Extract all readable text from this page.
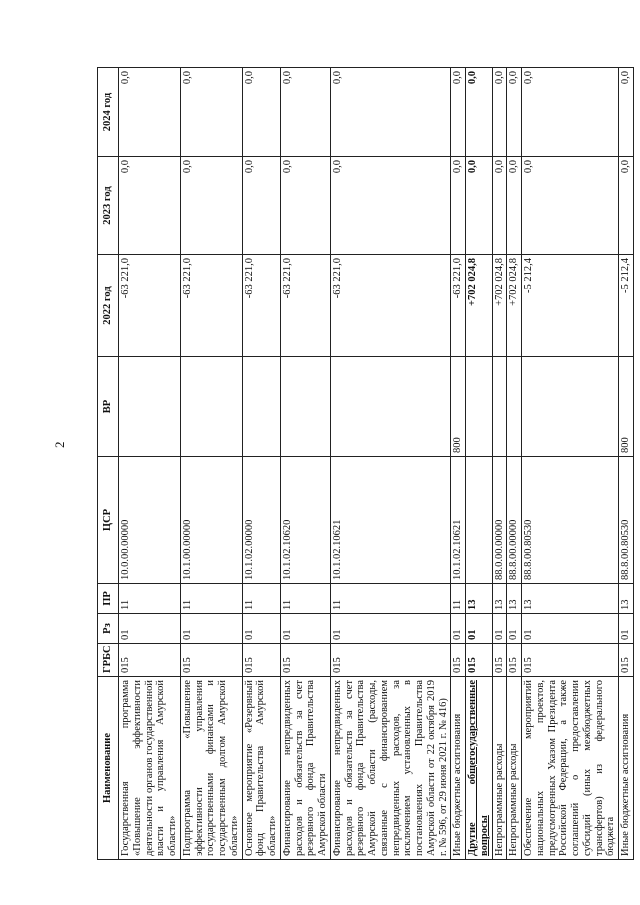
2
Наименование	ГРБС	Рз	ПР	ЦСР	ВР	2022 год	2023 год	2024 год
Государственная программа «Повышение эффективности деятельности органов государственной власти и управления Амурской области»	015	01	11	10.0.00.00000		-63 221,0	0,0	0,0
Подпрограмма «Повышение эффективности управления государственными финансами и государственным долгом Амурской области»	015	01	11	10.1.00.00000		-63 221,0	0,0	0,0
Основное мероприятие «Резервный фонд Правительства Амурской области»	015	01	11	10.1.02.00000		-63 221,0	0,0	0,0
Финансирование непредвиденных расходов и обязательств за счет резервного фонда Правительства Амурской области	015	01	11	10.1.02.10620		-63 221,0	0,0	0,0
Финансирование непредвиденных расходов и обязательств за счет резервного фонда Правительства Амурской области (расходы, связанные с финансированием непредвиденных расходов, за исключением установленных в постановлениях Правительства Амурской области от 22 октября 2019 г. № 596, от 29 июня 2021 г. № 416)	015	01	11	10.1.02.10621		-63 221,0	0,0	0,0
Иные бюджетные ассигнования	015	01	11	10.1.02.10621	800	-63 221,0	0,0	0,0
Другие общегосударственные вопросы	015	01	13			+702 024,8	0,0	0,0
Непрограммные расходы	015	01	13	88.0.00.00000		+702 024,8	0,0	0,0
Непрограммные расходы	015	01	13	88.8.00.00000		+702 024,8	0,0	0,0
Обеспечение мероприятий национальных проектов, предусмотренных Указом Президента Российской Федерации, а также соглашений о предоставлении субсидий (иных межбюджетных трансфертов) из федерального бюджета	015	01	13	88.8.00.80530		-5 212,4	0,0	0,0
Иные бюджетные ассигнования	015	01	13	88.8.00.80530	800	-5 212,4	0,0	0,0
